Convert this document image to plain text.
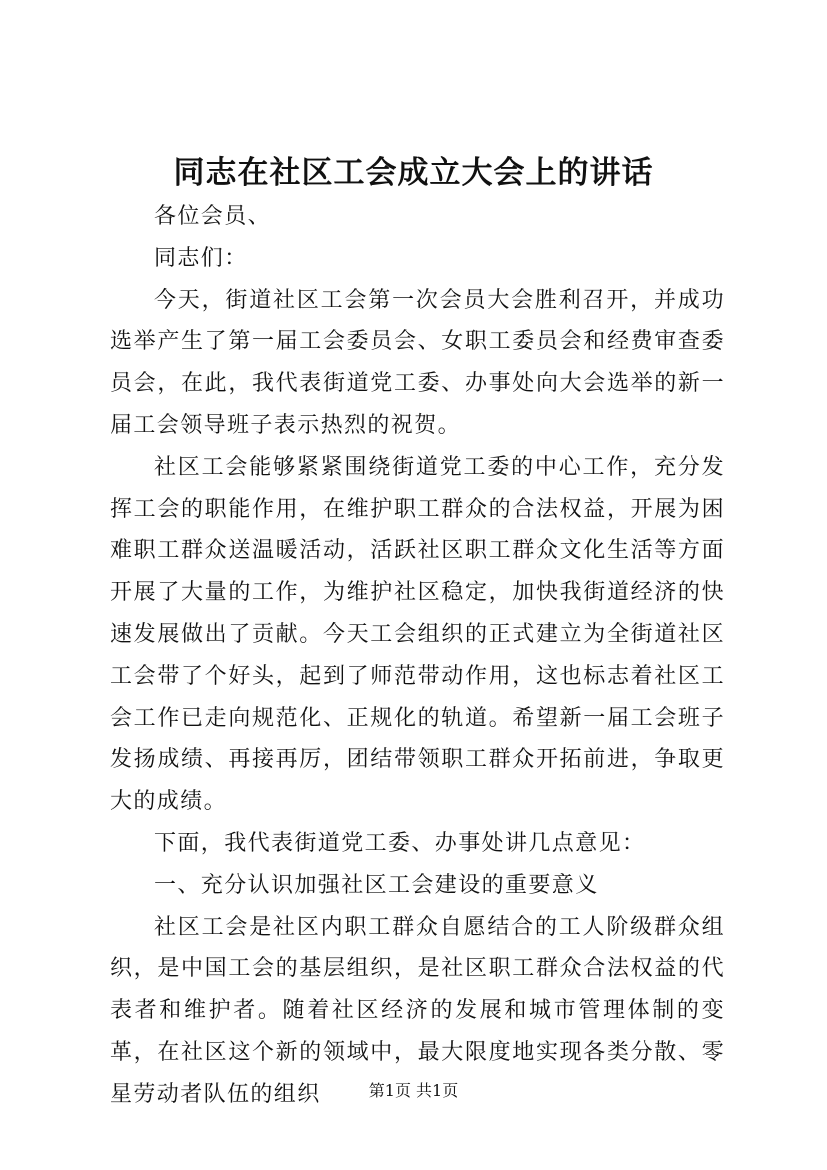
同志在社区工会成立大会上的讲话

各位会员、

同志们：

今天，街道社区工会第一次会员大会胜利召开，并成功选举产生了第一届工会委员会、女职工委员会和经费审查委员会，在此，我代表街道党工委、办事处向大会选举的新一届工会领导班子表示热烈的祝贺。

社区工会能够紧紧围绕街道党工委的中心工作，充分发挥工会的职能作用，在维护职工群众的合法权益，开展为困难职工群众送温暖活动，活跃社区职工群众文化生活等方面开展了大量的工作，为维护社区稳定，加快我街道经济的快速发展做出了贡献。今天工会组织的正式建立为全街道社区工会带了个好头，起到了师范带动作用，这也标志着社区工会工作已走向规范化、正规化的轨道。希望新一届工会班子发扬成绩、再接再厉，团结带领职工群众开拓前进，争取更大的成绩。

下面，我代表街道党工委、办事处讲几点意见：

一、充分认识加强社区工会建设的重要意义

社区工会是社区内职工群众自愿结合的工人阶级群众组织，是中国工会的基层组织，是社区职工群众合法权益的代表者和维护者。随着社区经济的发展和城市管理体制的变革，在社区这个新的领域中，最大限度地实现各类分散、零星劳动者队伍的组织	第1页 共1页
